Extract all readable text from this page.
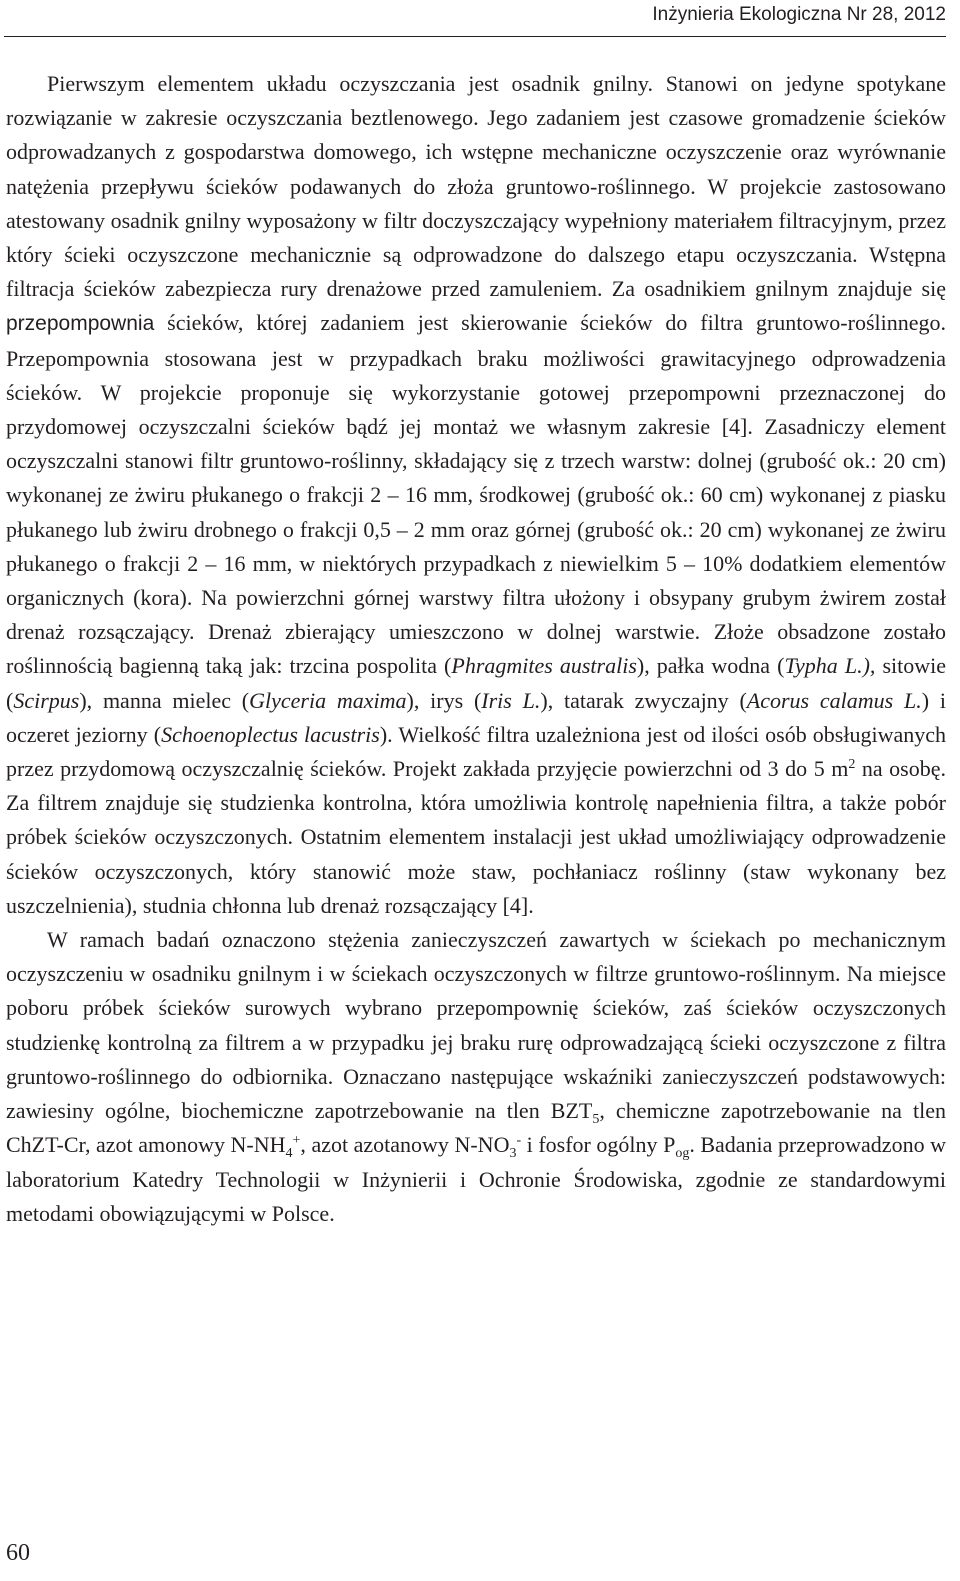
Inżynieria Ekologiczna Nr 28, 2012

Pierwszym elementem układu oczyszczania jest osadnik gnilny. Stanowi on jedyne spotykane rozwiązanie w zakresie oczyszczania beztlenowego. Jego zadaniem jest czasowe gromadzenie ścieków odprowadzanych z gospodarstwa domowego, ich wstępne mechaniczne oczyszczenie oraz wyrównanie natężenia przepływu ścieków podawanych do złoża gruntowo-roślinnego. W projekcie zastosowano atestowany osadnik gnilny wyposażony w filtr doczyszczający wypełniony materiałem filtracyjnym, przez który ścieki oczyszczone mechanicznie są odprowadzone do dalszego etapu oczyszczania. Wstępna filtracja ścieków zabezpiecza rury drenażowe przed zamuleniem. Za osadnikiem gnilnym znajduje się przepompownia ścieków, której zadaniem jest skierowanie ścieków do filtra gruntowo-roślinnego. Przepompownia stosowana jest w przypadkach braku możliwości grawitacyjnego odprowadzenia ścieków. W projekcie proponuje się wykorzystanie gotowej przepompowni przeznaczonej do przydomowej oczyszczalni ścieków bądź jej montaż we własnym zakresie [4]. Zasadniczy element oczyszczalni stanowi filtr gruntowo-roślinny, składający się z trzech warstw: dolnej (grubość ok.: 20 cm) wykonanej ze żwiru płukanego o frakcji 2 – 16 mm, środkowej (grubość ok.: 60 cm) wykonanej z piasku płukanego lub żwiru drobnego o frakcji 0,5 – 2 mm oraz górnej (grubość ok.: 20 cm) wykonanej ze żwiru płukanego o frakcji 2 – 16 mm, w niektórych przypadkach z niewielkim 5 – 10% dodatkiem elementów organicznych (kora). Na powierzchni górnej warstwy filtra ułożony i obsypany grubym żwirem został drenaż rozsączający. Drenaż zbierający umieszczono w dolnej warstwie. Złoże obsadzone zostało roślinnością bagienną taką jak: trzcina pospolita (Phragmites australis), pałka wodna (Typha L.), sitowie (Scirpus), manna mielec (Glyceria maxima), irys (Iris L.), tatarak zwyczajny (Acorus calamus L.) i oczeret jeziorny (Schoenoplectus lacustris). Wielkość filtra uzależniona jest od ilości osób obsługiwanych przez przydomową oczyszczalnię ścieków. Projekt zakłada przyjęcie powierzchni od 3 do 5 $m^2$ na osobę. Za filtrem znajduje się studzienka kontrolna, która umożliwia kontrolę napełnienia filtra, a także pobór próbek ścieków oczyszczonych. Ostatnim elementem instalacji jest układ umożliwiający odprowadzenie ścieków oczyszczonych, który stanowić może staw, pochłaniacz roślinny (staw wykonany bez uszczelnienia), studnia chłonna lub drenaż rozsączający [4].

W ramach badań oznaczono stężenia zanieczyszczeń zawartych w ściekach po mechanicznym oczyszczeniu w osadniku gnilnym i w ściekach oczyszczonych w filtrze gruntowo-roślinnym. Na miejsce poboru próbek ścieków surowych wybrano przepompownię ścieków, zaś ścieków oczyszczonych studzienkę kontrolną za filtrem a w przypadku jej braku rurę odprowadzającą ścieki oczyszczone z filtra gruntowo-roślinnego do odbiornika. Oznaczano następujące wskaźniki zanieczyszczeń podstawowych: zawiesiny ogólne, biochemiczne zapotrzebowanie na tlen $BZT_5$, chemiczne zapotrzebowanie na tlen ChZT-Cr, azot amonowy $N-NH_4^+$, azot azotanowy $N-NO_3^-$ i fosfor ogólny $P_{og}$. Badania przeprowadzono w laboratorium Katedry Technologii w Inżynierii i Ochronie Środowiska, zgodnie ze standardowymi metodami obowiązującymi w Polsce.

60
